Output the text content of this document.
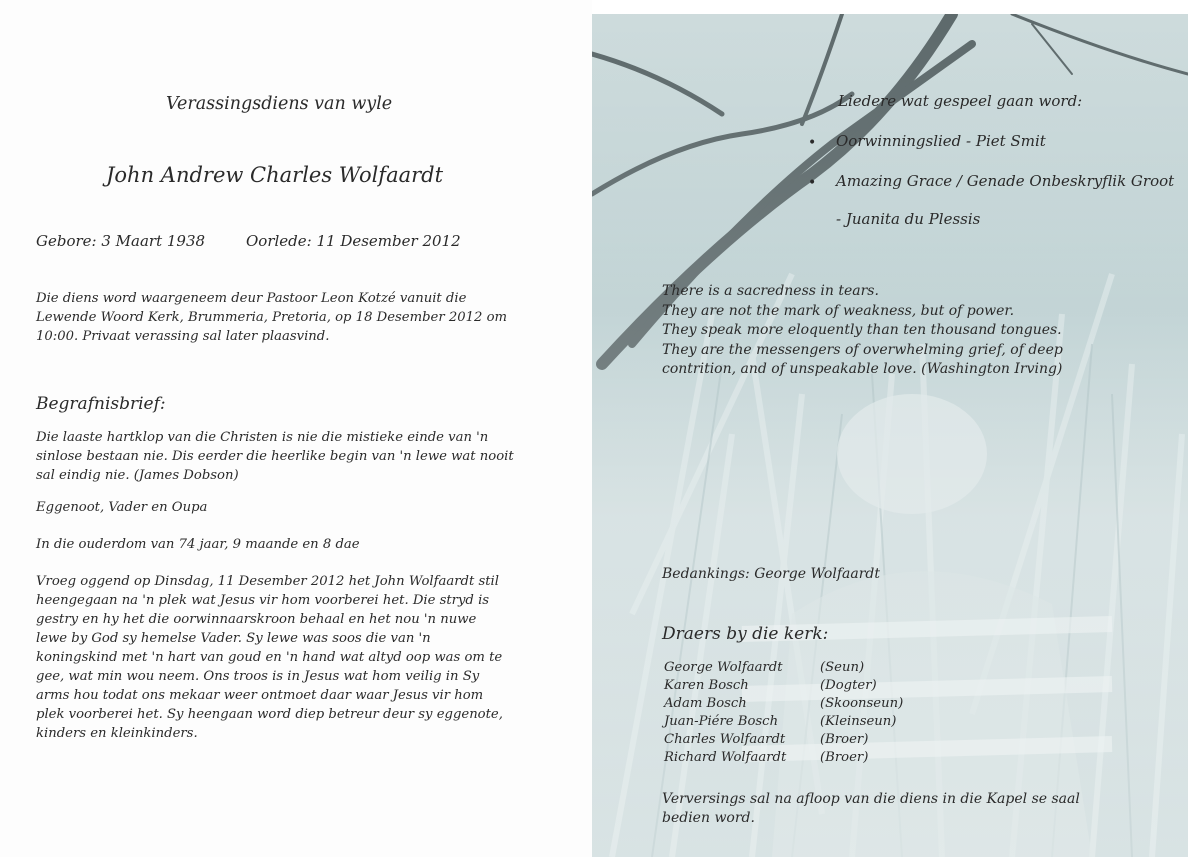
Verassingsdiens van wyle

John Andrew Charles Wolfaardt

Gebore: 3 Maart 1938	Oorlede: 11 Desember 2012

Die diens word waargeneem deur Pastoor Leon Kotzé vanuit die
Lewende Woord Kerk, Brummeria, Pretoria, op 18 Desember 2012 om
10:00. Privaat verassing sal later plaasvind.

Begrafnisbrief:

Die laaste hartklop van die Christen is nie die mistieke einde van 'n
sinlose bestaan nie. Dis eerder die heerlike begin van 'n lewe wat nooit
sal eindig nie. (James Dobson)

Eggenoot, Vader en Oupa

In die ouderdom van 74 jaar, 9 maande en 8 dae

Vroeg oggend op Dinsdag, 11 Desember 2012 het John Wolfaardt stil
heengegaan na 'n plek wat Jesus vir hom voorberei het. Die stryd is
gestry en hy het die oorwinnaarskroon behaal en het nou 'n nuwe
lewe by God sy hemelse Vader. Sy lewe was soos die van 'n
koningskind met 'n hart van goud en 'n hand wat altyd oop was om te
gee, wat min wou neem. Ons troos is in Jesus wat hom veilig in Sy
arms hou todat ons mekaar weer ontmoet daar waar Jesus vir hom
plek voorberei het. Sy heengaan word diep betreur deur sy eggenote,
kinders en kleinkinders.

Liedere wat gespeel gaan word:

• Oorwinningslied - Piet Smit

• Amazing Grace / Genade Onbeskryflik Groot

- Juanita du Plessis

There is a sacredness in tears.
They are not the mark of weakness, but of power.
They speak more eloquently than ten thousand tongues.
They are the messengers of overwhelming grief, of deep
contrition, and of unspeakable love. (Washington Irving)

Bedankings: George Wolfaardt

Draers by die kerk:

George Wolfaardt	(Seun)
Karen Bosch	(Dogter)
Adam Bosch	(Skoonseun)
Juan-Piére Bosch	(Kleinseun)
Charles Wolfaardt	(Broer)
Richard Wolfaardt	(Broer)

Verversings sal na afloop van die diens in die Kapel se saal
bedien word.
